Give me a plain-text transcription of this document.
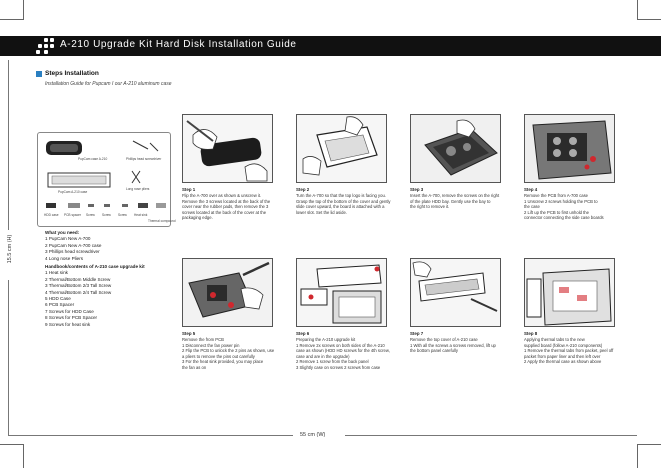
A-210 Upgrade Kit Hard Disk Installation Guide
Steps Installation
Installation Guide for Pupcam I our A-210 aluminum case
15.5 cm (H)
55 cm (W)
PupCam case A-210	Phillips head screwdriver
PupCam A-210 case
Long nose pliers
HDD case PCB spacer Screw Screw Screw Heat sink
Thermal compound
What you need:
1 PupCam New A-700
2 PupCam New A-700 case
3 Phillips head screwdriver
4 Long nose Pliers
Handbook/contents of A-210 case upgrade kit
1 Heat sink
2 Thermal/Bottom Middle Screw
3 Thermal/Bottom 2/3 Tall Screw
4 Thermal/Bottom 2/4 Tall Screw
5 HDD Case
6 PCB Spacer
7 Screws for HDD Case
8 Screws for PCB Spacer
9 Screws for heat sink
Step 1
Flip the A-700 over as shown & unscrew it.
Remove the 3 screws located at the back of the
cover near the rubber pads, then remove the 3
screws located at the back of the cover at the
packaging edge.
Step 2
Turn the A-700 so that the top logo is facing you.
Grasp the top of the bottom of the cover and gently
slide cover upward, the board is attached with a
lower slot. Set the lid aside.
Step 3
Insert the A-700, remove the screws on the right
of the plate HDD bay. Gently use the bay to
the right to remove it.
Step 4
Remove the PCB from A-700 case
1 Unscrew 2 screws holding the PCB to
the case
2 Lift up the PCB to first unhold the
connector connecting the side case boards
Step 5
Remove the from PCB
1 Disconnect the fan power pin
2 Flip the PCB to unlock the 2 pins as shown, use
a pliers to remove the pins out carefully
3 For the heat sink provided, you may place
the fan as on
Step 6
Preparing the A-210 upgrade kit
1 Remove 2x screws on both sides of the A-210
case as shown (HDD HD screws for the 4th screw,
case and are in the upgrade)
2 Remove 1 screw from the back panel
3 Slightly case on screws 2 screws from case
Step 7
Remove the top cover of A-210 case
1 With all the screws a screws removed, lift up
the bottom panel carefully
Step 8
Applying thermal tabs to the new
supplied board (follow A-210 components)
1 Remove the thermal tabs from packet, peel off
packet from paper liner and then left over
2 Apply the thermal case as shown above
